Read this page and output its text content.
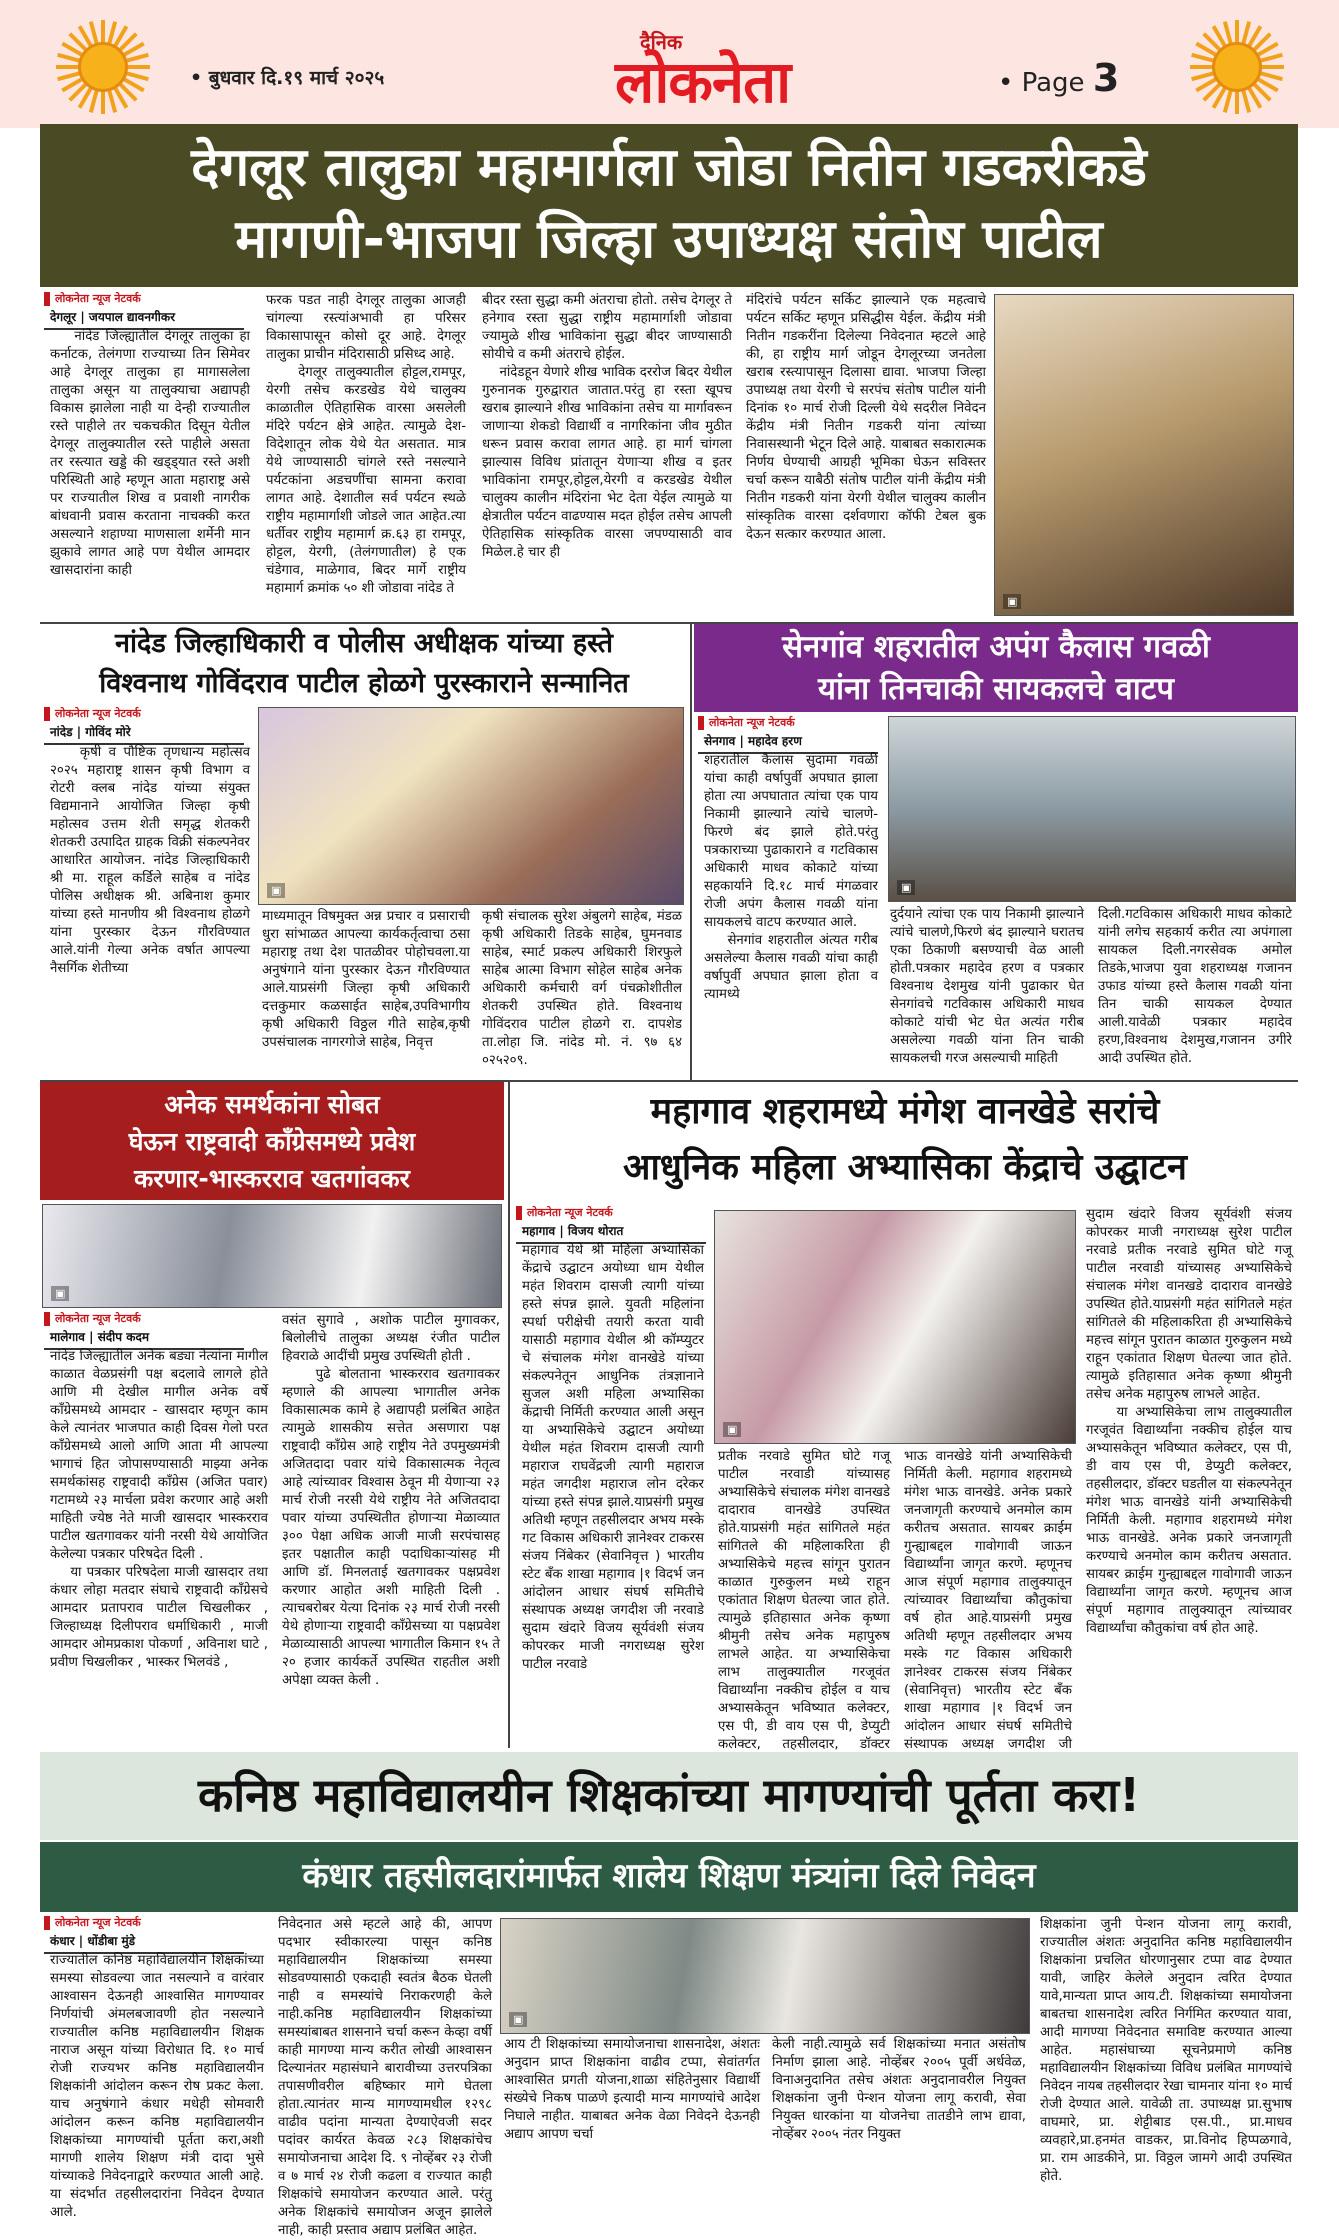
• बुधवार दि.१९ मार्च २०२५
दैनिक
लोकनेता	• Page 3
देगलूर तालुका महामार्गला जोडा नितीन गडकरीकडे
मागणी-भाजपा जिल्हा उपाध्यक्ष संतोष पाटील
लोकनेता न्यूज नेटवर्क
देगलूर | जयपाल द्यावनगीकर
नांदेड जिल्ह्यातील देगलूर तालुका हा कर्नाटक, तेलंगणा राज्याच्या तिन सिमेवर आहे देगलूर तालुका हा मागासलेला तालुका असून या तालुक्याचा अद्यापही विकास झालेला नाही या देन्ही राज्यातील रस्ते पाहीले तर चकचकीत दिसून येतील देगलूर तालुक्यातील रस्ते पाहीले असता तर रस्त्यात खड्डे की खड्ड्यात रस्ते अशी परिस्थिती आहे म्हणून आता महाराष्ट्र असे पर राज्यातील शिख व प्रवाशी नागरीक बांधवानी प्रवास करताना नाचक्की करत असल्याने शहाण्या माणसाला शर्मेनी मान झुकावे लागत आहे पण येथील आमदार खासदारांना काही
फरक पडत नाही देगलूर तालुका आजही चांगल्या रस्त्यांअभावी हा परिसर विकासापासून कोसो दूर आहे. देगलूर तालुका प्राचीन मंदिरासाठी प्रसिध्द आहे.
देगलूर तालुक्यातील होट्टल,रामपूर, येरगी तसेच करडखेड येथे चालुक्य काळातील ऐतिहासिक वारसा असलेली मंदिरे पर्यटन क्षेत्रे आहेत. त्यामुळे देश-विदेशातून लोक येथे येत असतात. मात्र येथे जाण्यासाठी चांगले रस्ते नसल्याने पर्यटकांना अडचणींचा सामना करावा लागत आहे. देशातील सर्व पर्यटन स्थळे राष्ट्रीय महामार्गाशी जोडले जात आहेत.त्या धर्तीवर राष्ट्रीय महामार्ग क्र.६३ हा रामपूर, होट्टल, येरगी, (तेलंगणातील) हे एक चंडेगाव, माळेगाव, बिदर मार्गे राष्ट्रीय महामार्ग क्रमांक ५० शी जोडावा नांदेड ते
बीदर रस्ता सुद्धा कमी अंतराचा होतो. तसेच देगलूर ते हनेगाव रस्ता सुद्धा राष्ट्रीय महामार्गाशी जोडावा ज्यामुळे शीख भाविकांना सुद्धा बीदर जाण्यासाठी सोयीचे व कमी अंतराचे होईल.
नांदेडहून येणारे शीख भाविक दररोज बिदर येथील गुरुनानक गुरुद्वारात जातात.परंतु हा रस्ता खूपच खराब झाल्याने शीख भाविकांना तसेच या मार्गावरून जाणाऱ्या शेकडो विद्यार्थी व नागरिकांना जीव मुठीत धरून प्रवास करावा लागत आहे. हा मार्ग चांगला झाल्यास विविध प्रांतातून येणाऱ्या शीख व इतर भाविकांना रामपूर,होट्टल,येरगी व करडखेड येथील चालुक्य कालीन मंदिरांना भेट देता येईल त्यामुळे या क्षेत्रातील पर्यटन वाढण्यास मदत होईल तसेच आपली ऐतिहासिक सांस्कृतिक वारसा जपण्यासाठी वाव मिळेल.हे चार ही
मंदिरांचे पर्यटन सर्किट झाल्याने एक महत्वाचे पर्यटन सर्किट म्हणून प्रसिद्धीस येईल. केंद्रीय मंत्री नितीन गडकरींना दिलेल्या निवेदनात म्हटले आहे की, हा राष्ट्रीय मार्ग जोडून देगलूरच्या जनतेला खराब रस्त्यापासून दिलासा द्यावा. भाजपा जिल्हा उपाध्यक्ष तथा येरगी चे सरपंच संतोष पाटील यांनी दिनांक १० मार्च रोजी दिल्ली येथे सदरील निवेदन केंद्रीय मंत्री नितीन गडकरी यांना त्यांच्या निवासस्थानी भेटून दिले आहे. याबाबत सकारात्मक निर्णय घेण्याची आग्रही भूमिका घेऊन सविस्तर चर्चा करून याबैठी संतोष पाटील यांनी केंद्रीय मंत्री नितीन गडकरी यांना येरगी येथील चालुक्य कालीन सांस्कृतिक वारसा दर्शवणारा कॉफी टेबल बुक देऊन सत्कार करण्यात आला.
▣
नांदेड जिल्हाधिकारी व पोलीस अधीक्षक यांच्या हस्ते
विश्वनाथ गोविंदराव पाटील होळगे पुरस्काराने सन्मानित
लोकनेता न्यूज नेटवर्क
नांदेड | गोविंद मोरे
▣
कृषी व पौष्टिक तृणधान्य महोत्सव २०२५ महाराष्ट्र शासन कृषी विभाग व रोटरी क्लब नांदेड यांच्या संयुक्त विद्यमानाने आयोजित जिल्हा कृषी महोत्सव उत्तम शेती समृद्ध शेतकरी शेतकरी उत्पादित ग्राहक विक्री संकल्पनेवर आधारित आयोजन. नांदेड जिल्हाधिकारी श्री मा. राहूल कर्डिले साहेब व नांदेड पोलिस अधीक्षक श्री. अबिनाश कुमार यांच्या हस्ते मानणीय श्री विश्वनाथ होळगे यांना पुरस्कार देऊन गौरविण्यात आले.यांनी गेल्या अनेक वर्षात आपल्या नैसर्गिक शेतीच्या
माध्यमातून विषमुक्त अन्न प्रचार व प्रसाराची धुरा सांभाळत आपल्या कार्यकर्तृत्वाचा ठसा महाराष्ट्र तथा देश पातळीवर पोहोचवला.या अनुषंगाने यांना पुरस्कार देऊन गौरविण्यात आले.याप्रसंगी जिल्हा कृषी अधिकारी दत्तकुमार कळसाईत साहेब,उपविभागीय कृषी अधिकारी विठ्ठल गीते साहेब,कृषी उपसंचालक नागरगोजे साहेब, निवृत्त
कृषी संचालक सुरेश अंबुलगे साहेब, मंडळ कृषी अधिकारी तिडके साहेब, घुमनवाड साहेब, स्मार्ट प्रकल्प अधिकारी शिरफुले साहेब आत्मा विभाग सोहेल साहेब अनेक अधिकारी कर्मचारी वर्ग पंचक्रोशीतील शेतकरी उपस्थित होते. विश्वनाथ गोविंदराव पाटील होळगे रा. दापशेड ता.लोहा जि. नांदेड मो. नं. ९७ ६४ ०२५२०९.
सेनगांव शहरातील अपंग कैलास गवळी
यांना तिनचाकी सायकलचे वाटप
लोकनेता न्यूज नेटवर्क
सेनगाव | महादेव हरण
शहरातील कैलास सुदामा गवळी यांचा काही वर्षापुर्वी अपघात झाला होता त्या अपघातात त्यांचा एक पाय निकामी झाल्याने त्यांचे चालणे-फिरणे बंद झाले होते.परंतु पत्रकाराच्या पुढाकाराने व गटविकास अधिकारी माधव कोकाटे यांच्या सहकार्याने दि.१८ मार्च मंगळवार रोजी अपंग कैलास गवळी यांना सायकलचे वाटप करण्यात आले.
सेनगांव शहरातील अंत्यत गरीब असलेल्या कैलास गवळी यांचा काही वर्षापुर्वी अपघात झाला होता व त्यामध्ये
▣
दुर्दयाने त्यांचा एक पाय निकामी झाल्याने त्यांचे चालणे,फिरणे बंद झाल्याने घरातच एका ठिकाणी बसण्याची वेळ आली होती.पत्रकार महादेव हरण व पत्रकार विश्वनाथ देशमुख यांनी पुढाकार घेत सेनगांवचे गटविकास अधिकारी माधव कोकाटे यांची भेट घेत अत्यंत गरीब असलेल्या गवळी यांना तिन चाकी सायकलची गरज असल्याची माहिती
दिली.गटविकास अधिकारी माधव कोकाटे यांनी लगेच सहकार्य करीत त्या अपंगाला सायकल दिली.नगरसेवक अमोल तिडके,भाजपा युवा शहराध्यक्ष गजानन उफाड यांच्या हस्ते कैलास गवळी यांना तिन चाकी सायकल देण्यात आली.यावेळी पत्रकार महादेव हरण,विश्वनाथ देशमुख,गजानन उगीरे आदी उपस्थित होते.
अनेक समर्थकांना सोबत
घेऊन राष्ट्रवादी काँग्रेसमध्ये प्रवेश
करणार-भास्करराव खतगांवकर
▣
लोकनेता न्यूज नेटवर्क
मालेगाव | संदीप कदम
नांदेड जिल्ह्यातील अनेक बड्या नेत्यांना मागील काळात वेळप्रसंगी पक्ष बदलावे लागले होते आणि मी देखील मागील अनेक वर्षे काँग्रेसमध्ये आमदार - खासदार म्हणून काम केले त्यानंतर भाजपात काही दिवस गेलो परत काँग्रेसमध्ये आलो आणि आता मी आपल्या भागाचं हित जोपासण्यासाठी माझ्या अनेक समर्थकांसह राष्ट्रवादी काँग्रेस (अजित पवार) गटामध्ये २३ मार्चला प्रवेश करणार आहे अशी माहिती ज्येष्ठ नेते माजी खासदार भास्करराव पाटील खतगावकर यांनी नरसी येथे आयोजित केलेल्या पत्रकार परिषदेत दिली .
या पत्रकार परिषदेला माजी खासदार तथा कंधार लोहा मतदार संघाचे राष्ट्रवादी काँग्रेसचे आमदार प्रतापराव पाटील चिखलीकर , जिल्हाध्यक्ष दिलीपराव धर्माधिकारी , माजी आमदार ओमप्रकाश पोकर्णा , अविनाश घाटे , प्रवीण चिखलीकर , भास्कर भिलवंडे ,
वसंत सुगावे , अशोक पाटील मुगावकर, बिलोलीचे तालुका अध्यक्ष रंजीत पाटील हिवराळे आदींची प्रमुख उपस्थिती होती .
पुढे बोलताना भास्करराव खतगावकर म्हणाले की आपल्या भागातील अनेक विकासात्मक कामे हे अद्यापही प्रलंबित आहेत त्यामुळे शासकीय सत्तेत असणारा पक्ष राष्ट्रवादी काँग्रेस आहे राष्ट्रीय नेते उपमुख्यमंत्री अजितदादा पवार यांचे विकासात्मक नेतृत्व आहे त्यांच्यावर विश्वास ठेवून मी येणाऱ्या २३ मार्च रोजी नरसी येथे राष्ट्रीय नेते अजितदादा पवार यांच्या उपस्थितीत होणाऱ्या मेळाव्यात ३०० पेक्षा अधिक आजी माजी सरपंचासह इतर पक्षातील काही पदाधिकाऱ्यांसह मी आणि डॉ. मिनलताई खतगावकर पक्षप्रवेश करणार आहोत अशी माहिती दिली . त्याचबरोबर येत्या दिनांक २३ मार्च रोजी नरसी येथे होणाऱ्या राष्ट्रवादी काँग्रेसच्या या पक्षप्रवेश मेळाव्यासाठी आपल्या भागातील किमान १५ ते २० हजार कार्यकर्ते उपस्थित राहतील अशी अपेक्षा व्यक्त केली .
महागाव शहरामध्ये मंगेश वानखेडे सरांचे
आधुनिक महिला अभ्यासिका केंद्राचे उद्घाटन
लोकनेता न्यूज नेटवर्क
महागाव | विजय थोरात
महागाव येथे श्री महिला अभ्यासिका केंद्राचे उद्घाटन अयोध्या धाम येथील महंत शिवराम दासजी त्यागी यांच्या हस्ते संपन्न झाले. युवती महिलांना स्पर्धा परीक्षेची तयारी करता यावी यासाठी महागाव येथील श्री कॉम्प्युटर चे संचालक मंगेश वानखेडे यांच्या संकल्पनेतून आधुनिक तंत्रज्ञानाने सुजल अशी महिला अभ्यासिका केंद्राची निर्मिती करण्यात आली असून या अभ्यासिकेचे उद्घाटन अयोध्या येथील महंत शिवराम दासजी त्यागी महाराज राघवेंद्रजी त्यागी महाराज महंत जगदीश महाराज लोन दरेकर यांच्या हस्ते संपन्न झाले.याप्रसंगी प्रमुख अतिथी म्हणून तहसीलदार अभय मस्के गट विकास अधिकारी ज्ञानेश्वर टाकरस संजय निंबेकर (सेवानिवृत्त ) भारतीय स्टेट बँक शाखा महागाव |१ विदर्भ जन आंदोलन आधार संघर्ष समितीचे संस्थापक अध्यक्ष जगदीश जी नरवाडे सुदाम खंदारे विजय सूर्यवंशी संजय कोपरकर माजी नगराध्यक्ष सुरेश पाटील नरवाडे
▣
प्रतीक नरवाडे सुमित घोटे गजू पाटील नरवाडी यांच्यासह अभ्यासिकेचे संचालक मंगेश वानखडे दादाराव वानखेडे उपस्थित होते.याप्रसंगी महंत सांगितले महंत सांगितले की महिलाकरिता ही अभ्यासिकेचे महत्त्व सांगून पुरातन काळात गुरुकुलन मध्ये राहून एकांतात शिक्षण घेतल्या जात होते. त्यामुळे इतिहासात अनेक कृष्णा श्रीमुनी तसेच अनेक महापुरुष लाभले आहेत. या अभ्यासिकेचा लाभ तालुक्यातील गरजूवंत विद्यार्थ्यांना नक्कीच होईल व याच अभ्यासकेतून भविष्यात कलेक्टर, एस पी, डी वाय एस पी, डेप्युटी कलेक्टर, तहसीलदार, डॉक्टर
भाऊ वानखेडे यांनी अभ्यासिकेची निर्मिती केली. महागाव शहरामध्ये मंगेश भाऊ वानखेडे. अनेक प्रकारे जनजागृती करण्याचे अनमोल काम करीतच असतात. सायबर क्राईम गुन्ह्याबद्दल गावोगावी जाऊन विद्यार्थ्यांना जागृत करणे. म्हणूनच आज संपूर्ण महागाव तालुक्यातून त्यांच्यावर विद्यार्थ्यांचा कौतुकांचा वर्ष होत आहे.याप्रसंगी प्रमुख अतिथी म्हणून तहसीलदार अभय मस्के गट विकास अधिकारी ज्ञानेश्वर टाकरस संजय निंबेकर (सेवानिवृत्त) भारतीय स्टेट बँक शाखा महागाव |१ विदर्भ जन आंदोलन आधार संघर्ष समितीचे संस्थापक अध्यक्ष जगदीश जी
सुदाम खंदारे विजय सूर्यवंशी संजय कोपरकर माजी नगराध्यक्ष सुरेश पाटील नरवाडे प्रतीक नरवाडे सुमित घोटे गजू पाटील नरवाडी यांच्यासह अभ्यासिकेचे संचालक मंगेश वानखडे दादाराव वानखेडे उपस्थित होते.याप्रसंगी महंत सांगितले महंत सांगितले की महिलाकरिता ही अभ्यासिकेचे महत्त्व सांगून पुरातन काळात गुरुकुलन मध्ये राहून एकांतात शिक्षण घेतल्या जात होते. त्यामुळे इतिहासात अनेक कृष्णा श्रीमुनी तसेच अनेक महापुरुष लाभले आहेत.
या अभ्यासिकेचा लाभ तालुक्यातील गरजूवंत विद्यार्थ्यांना नक्कीच होईल याच अभ्यासकेतून भविष्यात कलेक्टर, एस पी, डी वाय एस पी, डेप्युटी कलेक्टर, तहसीलदार, डॉक्टर घडतील या संकल्पनेतून मंगेश भाऊ वानखेडे यांनी अभ्यासिकेची निर्मिती केली. महागाव शहरामध्ये मंगेश भाऊ वानखेडे. अनेक प्रकारे जनजागृती करण्याचे अनमोल काम करीतच असतात. सायबर क्राईम गुन्ह्याबद्दल गावोगावी जाऊन विद्यार्थ्यांना जागृत करणे. म्हणूनच आज संपूर्ण महागाव तालुक्यातून त्यांच्यावर विद्यार्थ्यांचा कौतुकांचा वर्ष होत आहे.
कनिष्ठ महाविद्यालयीन शिक्षकांच्या मागण्यांची पूर्तता करा!
कंधार तहसीलदारांमार्फत शालेय शिक्षण मंत्र्यांना दिले निवेदन
लोकनेता न्यूज नेटवर्क
कंधार | धोंडीबा मुंडे
राज्यातील कनिष्ठ महाविद्यालयीन शिक्षकांच्या समस्या सोडवल्या जात नसल्याने व वारंवार आश्वासन देऊनही आश्वासित मागण्यावर निर्णयांची अंमलबजावणी होत नसल्याने राज्यातील कनिष्ठ महाविद्यालयीन शिक्षक नाराज असून यांच्या विरोधात दि. १० मार्च रोजी राज्यभर कनिष्ठ महाविद्यालयीन शिक्षकांनी आंदोलन करून रोष प्रकट केला. याच अनुषंगाने कंधार मधेही सोमवारी आंदोलन करून कनिष्ठ महाविद्यालयीन शिक्षकांच्या मागण्यांची पूर्तता करा,अशी मागणी शालेय शिक्षण मंत्री दादा भुसे यांच्याकडे निवेदनाद्वारे करण्यात आली आहे. या संदर्भात तहसीलदारांना निवेदन देण्यात आले.
निवेदनात असे म्हटले आहे की, आपण पदभार स्वीकारल्या पासून कनिष्ठ महाविद्यालयीन शिक्षकांच्या समस्या सोडवण्यासाठी एकदाही स्वतंत्र बैठक घेतली नाही व समस्यांचे निराकरणही केले नाही.कनिष्ठ महाविद्यालयीन शिक्षकांच्या समस्यांबाबत शासनाने चर्चा करून केव्हा वर्षी काही मागण्या मान्य करीत लोखी आश्वासन दिल्यानंतर महासंघाने बारावीच्या उत्तरपत्रिका तपासणीवरील बहिष्कार मागे घेतला होता.त्यानंतर मान्य मागण्यामधील १२९८ वाढीव पदांना मान्यता देण्याऐवजी सदर पदांवर कार्यरत केवळ २८३ शिक्षकांचेच समायोजनाचा आदेश दि. ९ नोव्हेंबर २३ रोजी व ७ मार्च २४ रोजी कढला व राज्यात काही शिक्षकांचे समायोजन करण्यात आले. परंतु अनेक शिक्षकांचे समायोजन अजून झालेले नाही, काही प्रस्ताव अद्याप प्रलंबित आहेत.
▣
आय टी शिक्षकांच्या समायोजनाचा शासनादेश, अंशतः अनुदान प्राप्त शिक्षकांना वाढीव टप्पा, सेवांतर्गत आश्वासित प्रगती योजना,शाळा संहितेनुसार विद्यार्थी संख्येचे निकष पाळणे इत्यादी मान्य मागण्यांचे आदेश निघाले नाहीत. याबाबत अनेक वेळा निवेदने देऊनही अद्याप आपण चर्चा
केली नाही.त्यामुळे सर्व शिक्षकांच्या मनात असंतोष निर्माण झाला आहे. नोव्हेंबर २००५ पूर्वी अर्धवेळ, विनाअनुदानित तसेच अंशतः अनुदानावरील नियुक्त शिक्षकांना जुनी पेन्शन योजना लागू करावी, सेवा नियुक्त धारकांना या योजनेचा तातडीने लाभ द्यावा, नोव्हेंबर २००५ नंतर नियुक्त
शिक्षकांना जुनी पेन्शन योजना लागू करावी, राज्यातील अंशतः अनुदानित कनिष्ठ महाविद्यालयीन शिक्षकांना प्रचलित धोरणानुसार टप्पा वाढ देण्यात यावी, जाहिर केलेले अनुदान त्वरित देण्यात यावे,मान्यता प्राप्त आय.टी. शिक्षकांच्या समायोजना बाबतचा शासनादेश त्वरित निर्गमित करण्यात यावा, आदी मागण्या निवेदनात समाविष्ट करण्यात आल्या आहेत. महासंघाच्या सूचनेप्रमाणे कनिष्ठ महाविद्यालयीन शिक्षकांच्या विविध प्रलंबित मागण्यांचे निवेदन नायब तहसीलदार रेखा चामनार यांना १० मार्च रोजी देण्यात आले. यावेळी ता. उपाध्यक्ष प्रा.सुभाष वाघमारे, प्रा. शेट्टीबाड एस.पी., प्रा.माधव व्यवहारे,प्रा.हनमंत वाडकर, प्रा.विनोद हिप्पळगावे, प्रा. राम आडकीने, प्रा. विठ्ठल जामगे आदी उपस्थित होते.
